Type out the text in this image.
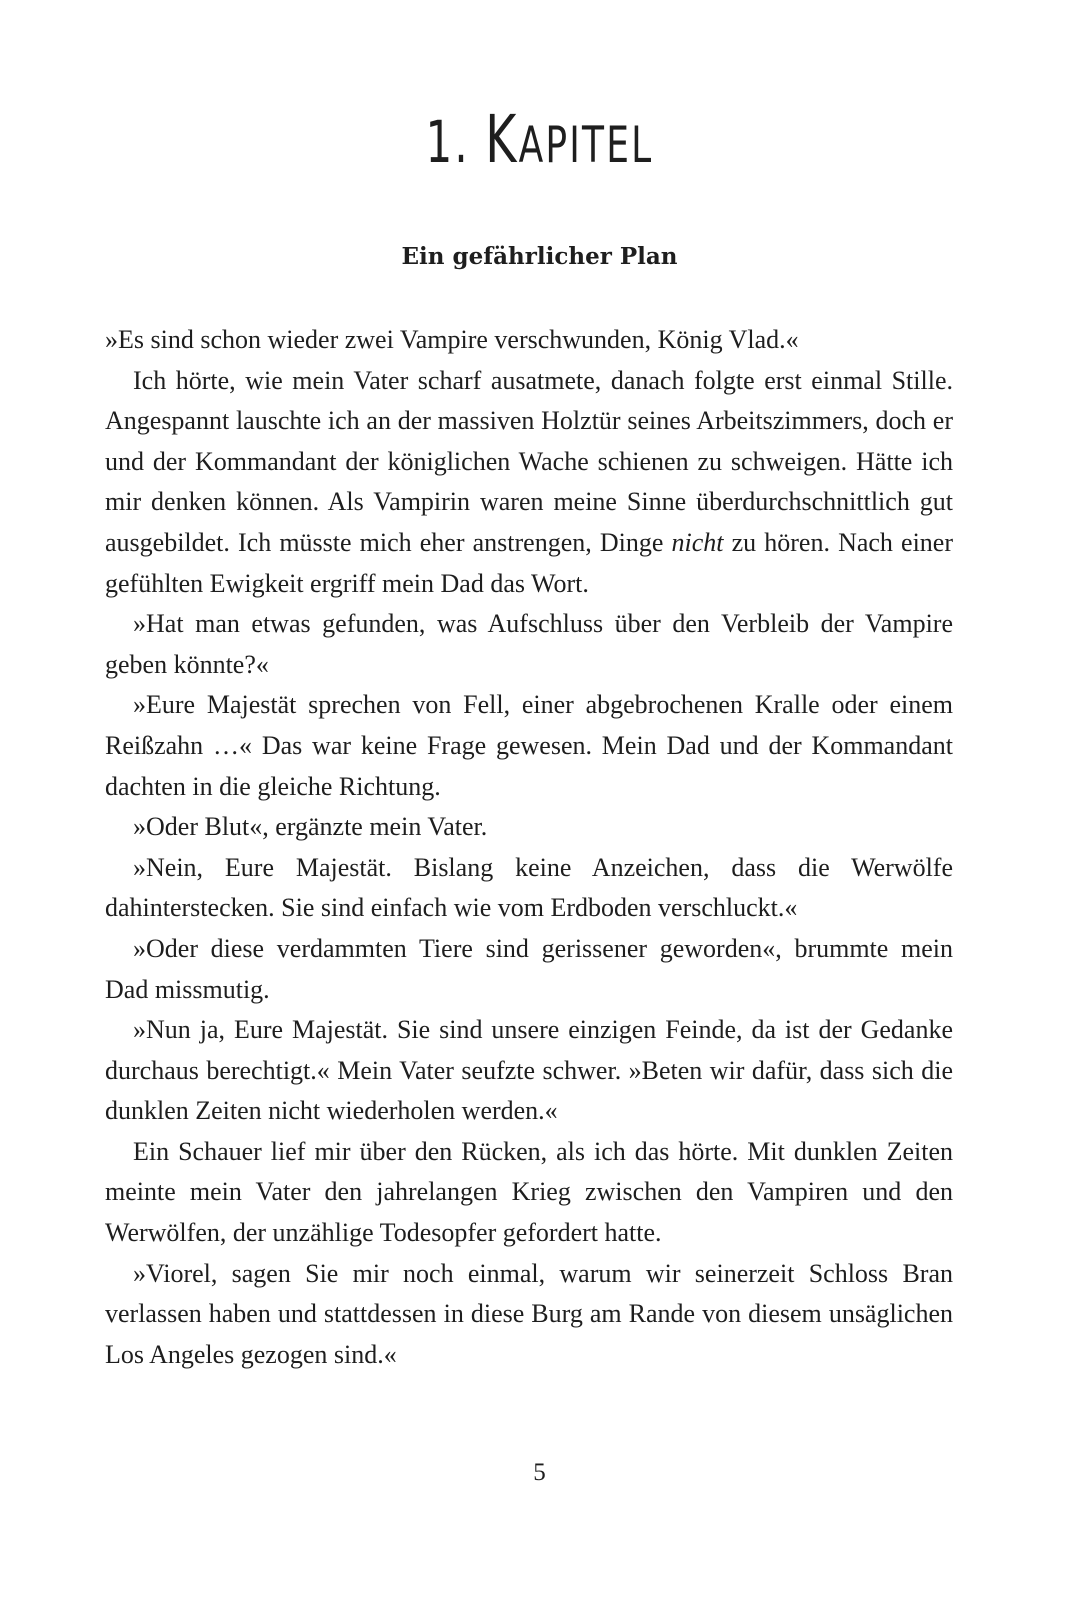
1. KAPITEL
Ein gefährlicher Plan

»Es sind schon wieder zwei Vampire verschwunden, König Vlad.«

Ich hörte, wie mein Vater scharf ausatmete, danach folgte erst einmal Stille. Angespannt lauschte ich an der massiven Holztür seines Arbeitszimmers, doch er und der Kommandant der königlichen Wache schienen zu schweigen. Hätte ich mir denken können. Als Vampirin waren meine Sinne überdurchschnittlich gut ausgebildet. Ich müsste mich eher anstrengen, Dinge nicht zu hören. Nach einer gefühlten Ewigkeit ergriff mein Dad das Wort.

»Hat man etwas gefunden, was Aufschluss über den Verbleib der Vampire geben könnte?«

»Eure Majestät sprechen von Fell, einer abgebrochenen Kralle oder einem Reißzahn …« Das war keine Frage gewesen. Mein Dad und der Kommandant dachten in die gleiche Richtung.

»Oder Blut«, ergänzte mein Vater.

»Nein, Eure Majestät. Bislang keine Anzeichen, dass die Werwölfe dahinterstecken. Sie sind einfach wie vom Erdboden verschluckt.«

»Oder diese verdammten Tiere sind gerissener geworden«, brummte mein Dad missmutig.

»Nun ja, Eure Majestät. Sie sind unsere einzigen Feinde, da ist der Gedanke durchaus berechtigt.« Mein Vater seufzte schwer. »Beten wir dafür, dass sich die dunklen Zeiten nicht wiederholen werden.«

Ein Schauer lief mir über den Rücken, als ich das hörte. Mit dunklen Zeiten meinte mein Vater den jahrelangen Krieg zwischen den Vampiren und den Werwölfen, der unzählige Todesopfer gefordert hatte.

»Viorel, sagen Sie mir noch einmal, warum wir seinerzeit Schloss Bran verlassen haben und stattdessen in diese Burg am Rande von diesem unsäglichen Los Angeles gezogen sind.«

5
